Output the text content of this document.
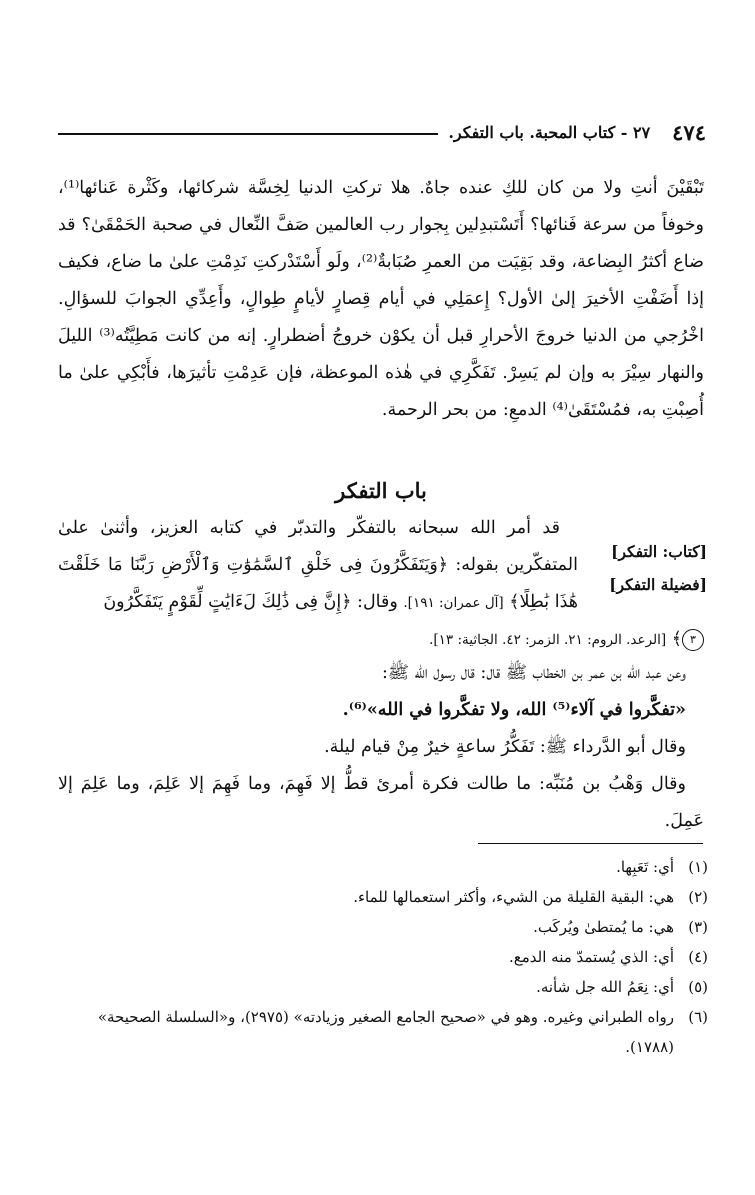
٤٧٤
٢٧ - كتاب المحبة. باب التفكر.
تَبْقَيْنَ أنتِ ولا من كان للكِ عنده جاهٌ. هلا تركتِ الدنيا لِخِسَّة شركائها، وكَثْرة عَنائها⁽¹⁾، وخوفاً من سرعة فَنائها؟ أَتَسْتبدِلين بِجوار رب العالمين صَفَّ النِّعال في صحبة الحَمْقَىٰ؟ قد ضاع أكثرُ البِضاعة، وقد بَقِيَت من العمرِ صُبَابةٌ⁽²⁾، ولَو أَسْتَدْركتِ نَدِمْتِ علىٰ ما ضاع، فكيف إذا أَضَفْتِ الأخيرَ إلىٰ الأول؟ إِعمَلِي في أيام قِصارٍ لأيامٍ طِوالٍ، وأَعِدِّي الجوابَ للسؤالِ. اخْرُجي من الدنيا خروجَ الأحرارِ قبل أن يكوْن خروجُ أضطرارٍ. إنه من كانت مَطِيَّتُه⁽³⁾ الليلَ والنهار سِيْرَ به وإن لم يَسِرْ. تَفَكَّرِي في هٰذه الموعظة، فإن عَدِمْتِ تأثيرَها، فأَبْكِي علىٰ ما أُصِبْتِ به، فمُسْتَقَىٰ⁽⁴⁾ الدمعِ: من بحر الرحمة.
باب التفكر
[كتاب: التفكر]
[فضيلة التفكر]
قد أمر الله سبحانه بالتفكّر والتدبّر في كتابه العزيز، وأثنىٰ علىٰ المتفكّرين بقوله: ﴿وَيَتَفَكَّرُونَ فِى خَلْقِ ٱلسَّمَٰوَٰتِ وَٱلْأَرْضِ رَبَّنَا مَا خَلَقْتَ هَٰذَا بَٰطِلًا﴾ [آل عمران: ١٩١]. وقال: ﴿إِنَّ فِى ذَٰلِكَ لَءَايَٰتٍ لِّقَوْمٍ يَتَفَكَّرُونَ
٣﴾ [الرعد. الروم: ٢١. الزمر: ٤٢. الجاثية: ١٣].

وعن عبد الله بن عمر بن الخطاب ﷺ قال: قال رسول الله ﷺ:

«تفكَّروا في آلاء⁽⁵⁾ الله، ولا تفكَّروا في الله»⁽⁶⁾.

وقال أبو الدَّرداء ﷺ: تَفَكُّرُ ساعةٍ خيرٌ مِنْ قيام ليلة.

وقال وَهْبُ بن مُنَبِّه: ما طالت فكرة أمرئ قطُّ إلا فَهِمَ، وما فَهِمَ إلا عَلِمَ، وما عَلِمَ إلا عَمِلَ.

(١)
أي: تَعَبِها.

(٢)
هي: البقية القليلة من الشيء، وأكثر استعمالها للماء.

(٣)
هي: ما يُمتطىٰ ويُركَب.

(٤)
أي: الذي يُستمدّ منه الدمع.

(٥)
أي: نِعَمُ الله جل شأنه.

(٦)
رواه الطبراني وغيره. وهو في «صحيح الجامع الصغير وزيادته» (٢٩٧٥)، و«السلسلة الصحيحة» (١٧٨٨).
